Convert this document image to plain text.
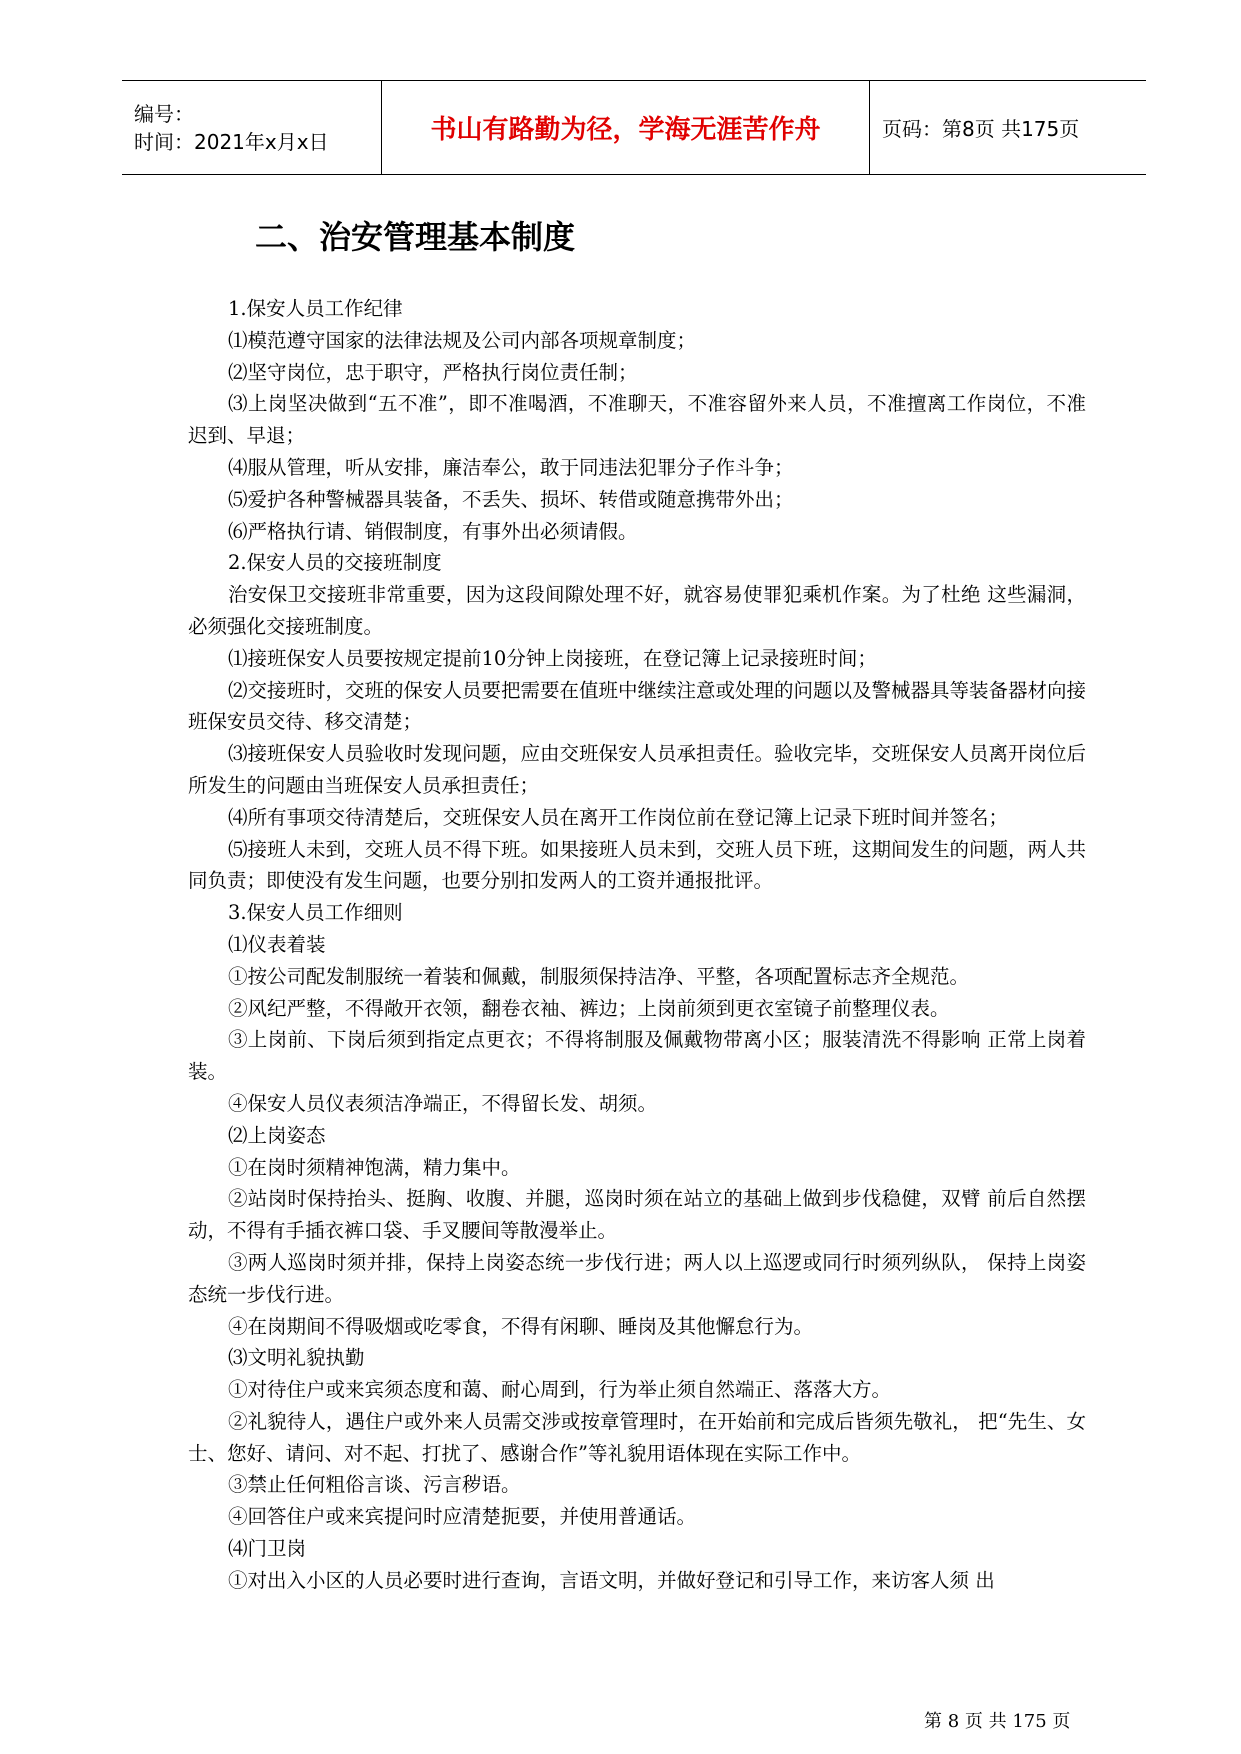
编号：
时间：2021年x月x日	书山有路勤为径，学海无涯苦作舟	页码：第8页 共175页
二、治安管理基本制度

1.保安人员工作纪律

⑴模范遵守国家的法律法规及公司内部各项规章制度；

⑵坚守岗位，忠于职守，严格执行岗位责任制；

⑶上岗坚决做到“五不准”，即不准喝酒，不准聊天，不准容留外来人员，不准擅离工作岗位，不准迟到、早退；

⑷服从管理，听从安排，廉洁奉公，敢于同违法犯罪分子作斗争；

⑸爱护各种警械器具装备，不丢失、损坏、转借或随意携带外出；

⑹严格执行请、销假制度，有事外出必须请假。

2.保安人员的交接班制度

治安保卫交接班非常重要，因为这段间隙处理不好，就容易使罪犯乘机作案。为了杜绝 这些漏洞，必须强化交接班制度。

⑴接班保安人员要按规定提前10分钟上岗接班，在登记簿上记录接班时间；

⑵交接班时，交班的保安人员要把需要在值班中继续注意或处理的问题以及警械器具等装备器材向接班保安员交待、移交清楚；

⑶接班保安人员验收时发现问题，应由交班保安人员承担责任。验收完毕，交班保安人员离开岗位后所发生的问题由当班保安人员承担责任；

⑷所有事项交待清楚后，交班保安人员在离开工作岗位前在登记簿上记录下班时间并签名；

⑸接班人未到，交班人员不得下班。如果接班人员未到，交班人员下班，这期间发生的问题，两人共同负责；即使没有发生问题，也要分别扣发两人的工资并通报批评。

3.保安人员工作细则

⑴仪表着装

①按公司配发制服统一着装和佩戴，制服须保持洁净、平整，各项配置标志齐全规范。

②风纪严整，不得敞开衣领，翻卷衣袖、裤边；上岗前须到更衣室镜子前整理仪表。

③上岗前、下岗后须到指定点更衣；不得将制服及佩戴物带离小区；服装清洗不得影响 正常上岗着装。

④保安人员仪表须洁净端正，不得留长发、胡须。

⑵上岗姿态

①在岗时须精神饱满，精力集中。

②站岗时保持抬头、挺胸、收腹、并腿，巡岗时须在站立的基础上做到步伐稳健，双臂 前后自然摆动，不得有手插衣裤口袋、手叉腰间等散漫举止。

③两人巡岗时须并排，保持上岗姿态统一步伐行进；两人以上巡逻或同行时须列纵队， 保持上岗姿态统一步伐行进。

④在岗期间不得吸烟或吃零食，不得有闲聊、睡岗及其他懈怠行为。

⑶文明礼貌执勤

①对待住户或来宾须态度和蔼、耐心周到，行为举止须自然端正、落落大方。

②礼貌待人，遇住户或外来人员需交涉或按章管理时，在开始前和完成后皆须先敬礼， 把“先生、女士、您好、请问、对不起、打扰了、感谢合作”等礼貌用语体现在实际工作中。

③禁止任何粗俗言谈、污言秽语。

④回答住户或来宾提问时应清楚扼要，并使用普通话。

⑷门卫岗

①对出入小区的人员必要时进行查询，言语文明，并做好登记和引导工作，来访客人须 出

第 8 页 共 175 页
